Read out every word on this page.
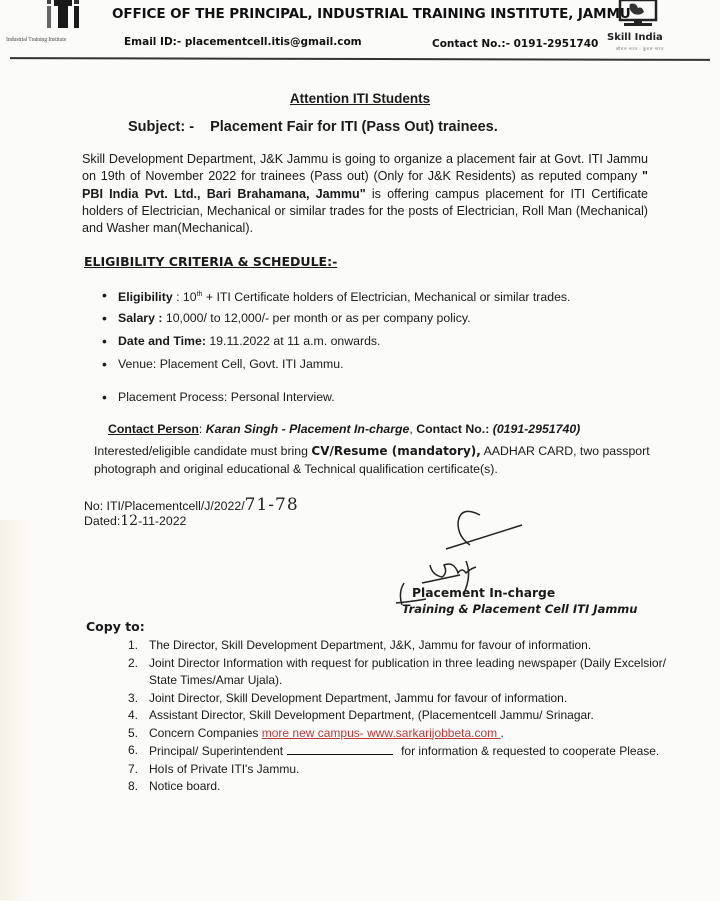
Industrial Training Institute
OFFICE OF THE PRINCIPAL, INDUSTRIAL TRAINING INSTITUTE, JAMMU
Email ID:- placementcell.itis@gmail.com	Contact No.:- 0191-2951740
Skill India
कौशल भारत - कुशल भारत
Attention ITI Students
Subject: - Placement Fair for ITI (Pass Out) trainees.
Skill Development Department, J&K Jammu is going to organize a placement fair at Govt. ITI Jammu on 19th of November 2022 for trainees (Pass out) (Only for J&K Residents) as reputed company " PBI India Pvt. Ltd., Bari Brahamana, Jammu" is offering campus placement for ITI Certificate holders of Electrician, Mechanical or similar trades for the posts of Electrician, Roll Man (Mechanical) and Washer man(Mechanical).
ELIGIBILITY CRITERIA & SCHEDULE:-
• Eligibility : 10th + ITI Certificate holders of Electrician, Mechanical or similar trades.
• Salary : 10,000/ to 12,000/- per month or as per company policy.
• Date and Time: 19.11.2022 at 11 a.m. onwards.
• Venue: Placement Cell, Govt. ITI Jammu.
• Placement Process: Personal Interview.
Contact Person: Karan Singh - Placement In-charge, Contact No.: (0191-2951740)
Interested/eligible candidate must bring CV/Resume (mandatory), AADHAR CARD, two passport photograph and original educational & Technical qualification certificate(s).
No: ITI/Placementcell/J/2022/71-78
Dated:12-11-2022
Placement In-charge
Training & Placement Cell ITI Jammu
Copy to:
1. The Director, Skill Development Department, J&K, Jammu for favour of information.
2. Joint Director Information with request for publication in three leading newspaper (Daily Excelsior/ State Times/Amar Ujala).
3. Joint Director, Skill Development Department, Jammu for favour of information.
4. Assistant Director, Skill Development Department, (Placementcell Jammu/ Srinagar.
5. Concern Companies more new campus- www.sarkarijobbeta.com .
6. Principal/ Superintendent	for information & requested to cooperate Please.
7. HoIs of Private ITI's Jammu.
8. Notice board.
